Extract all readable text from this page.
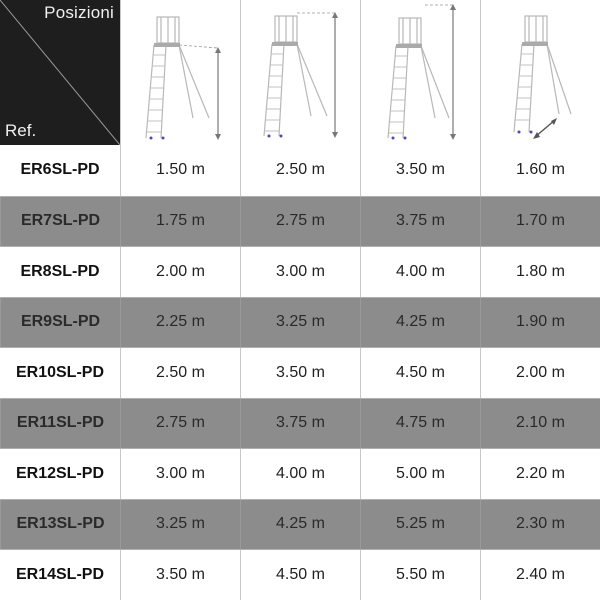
Posizioni
Ref.
ER6SL-PD	1.50 m	2.50 m	3.50 m	1.60 m
ER7SL-PD	1.75 m	2.75 m	3.75 m	1.70 m
ER8SL-PD	2.00 m	3.00 m	4.00 m	1.80 m
ER9SL-PD	2.25 m	3.25 m	4.25 m	1.90 m
ER10SL-PD	2.50 m	3.50 m	4.50 m	2.00 m
ER11SL-PD	2.75 m	3.75 m	4.75 m	2.10 m
ER12SL-PD	3.00 m	4.00 m	5.00 m	2.20 m
ER13SL-PD	3.25 m	4.25 m	5.25 m	2.30 m
ER14SL-PD	3.50 m	4.50 m	5.50 m	2.40 m
